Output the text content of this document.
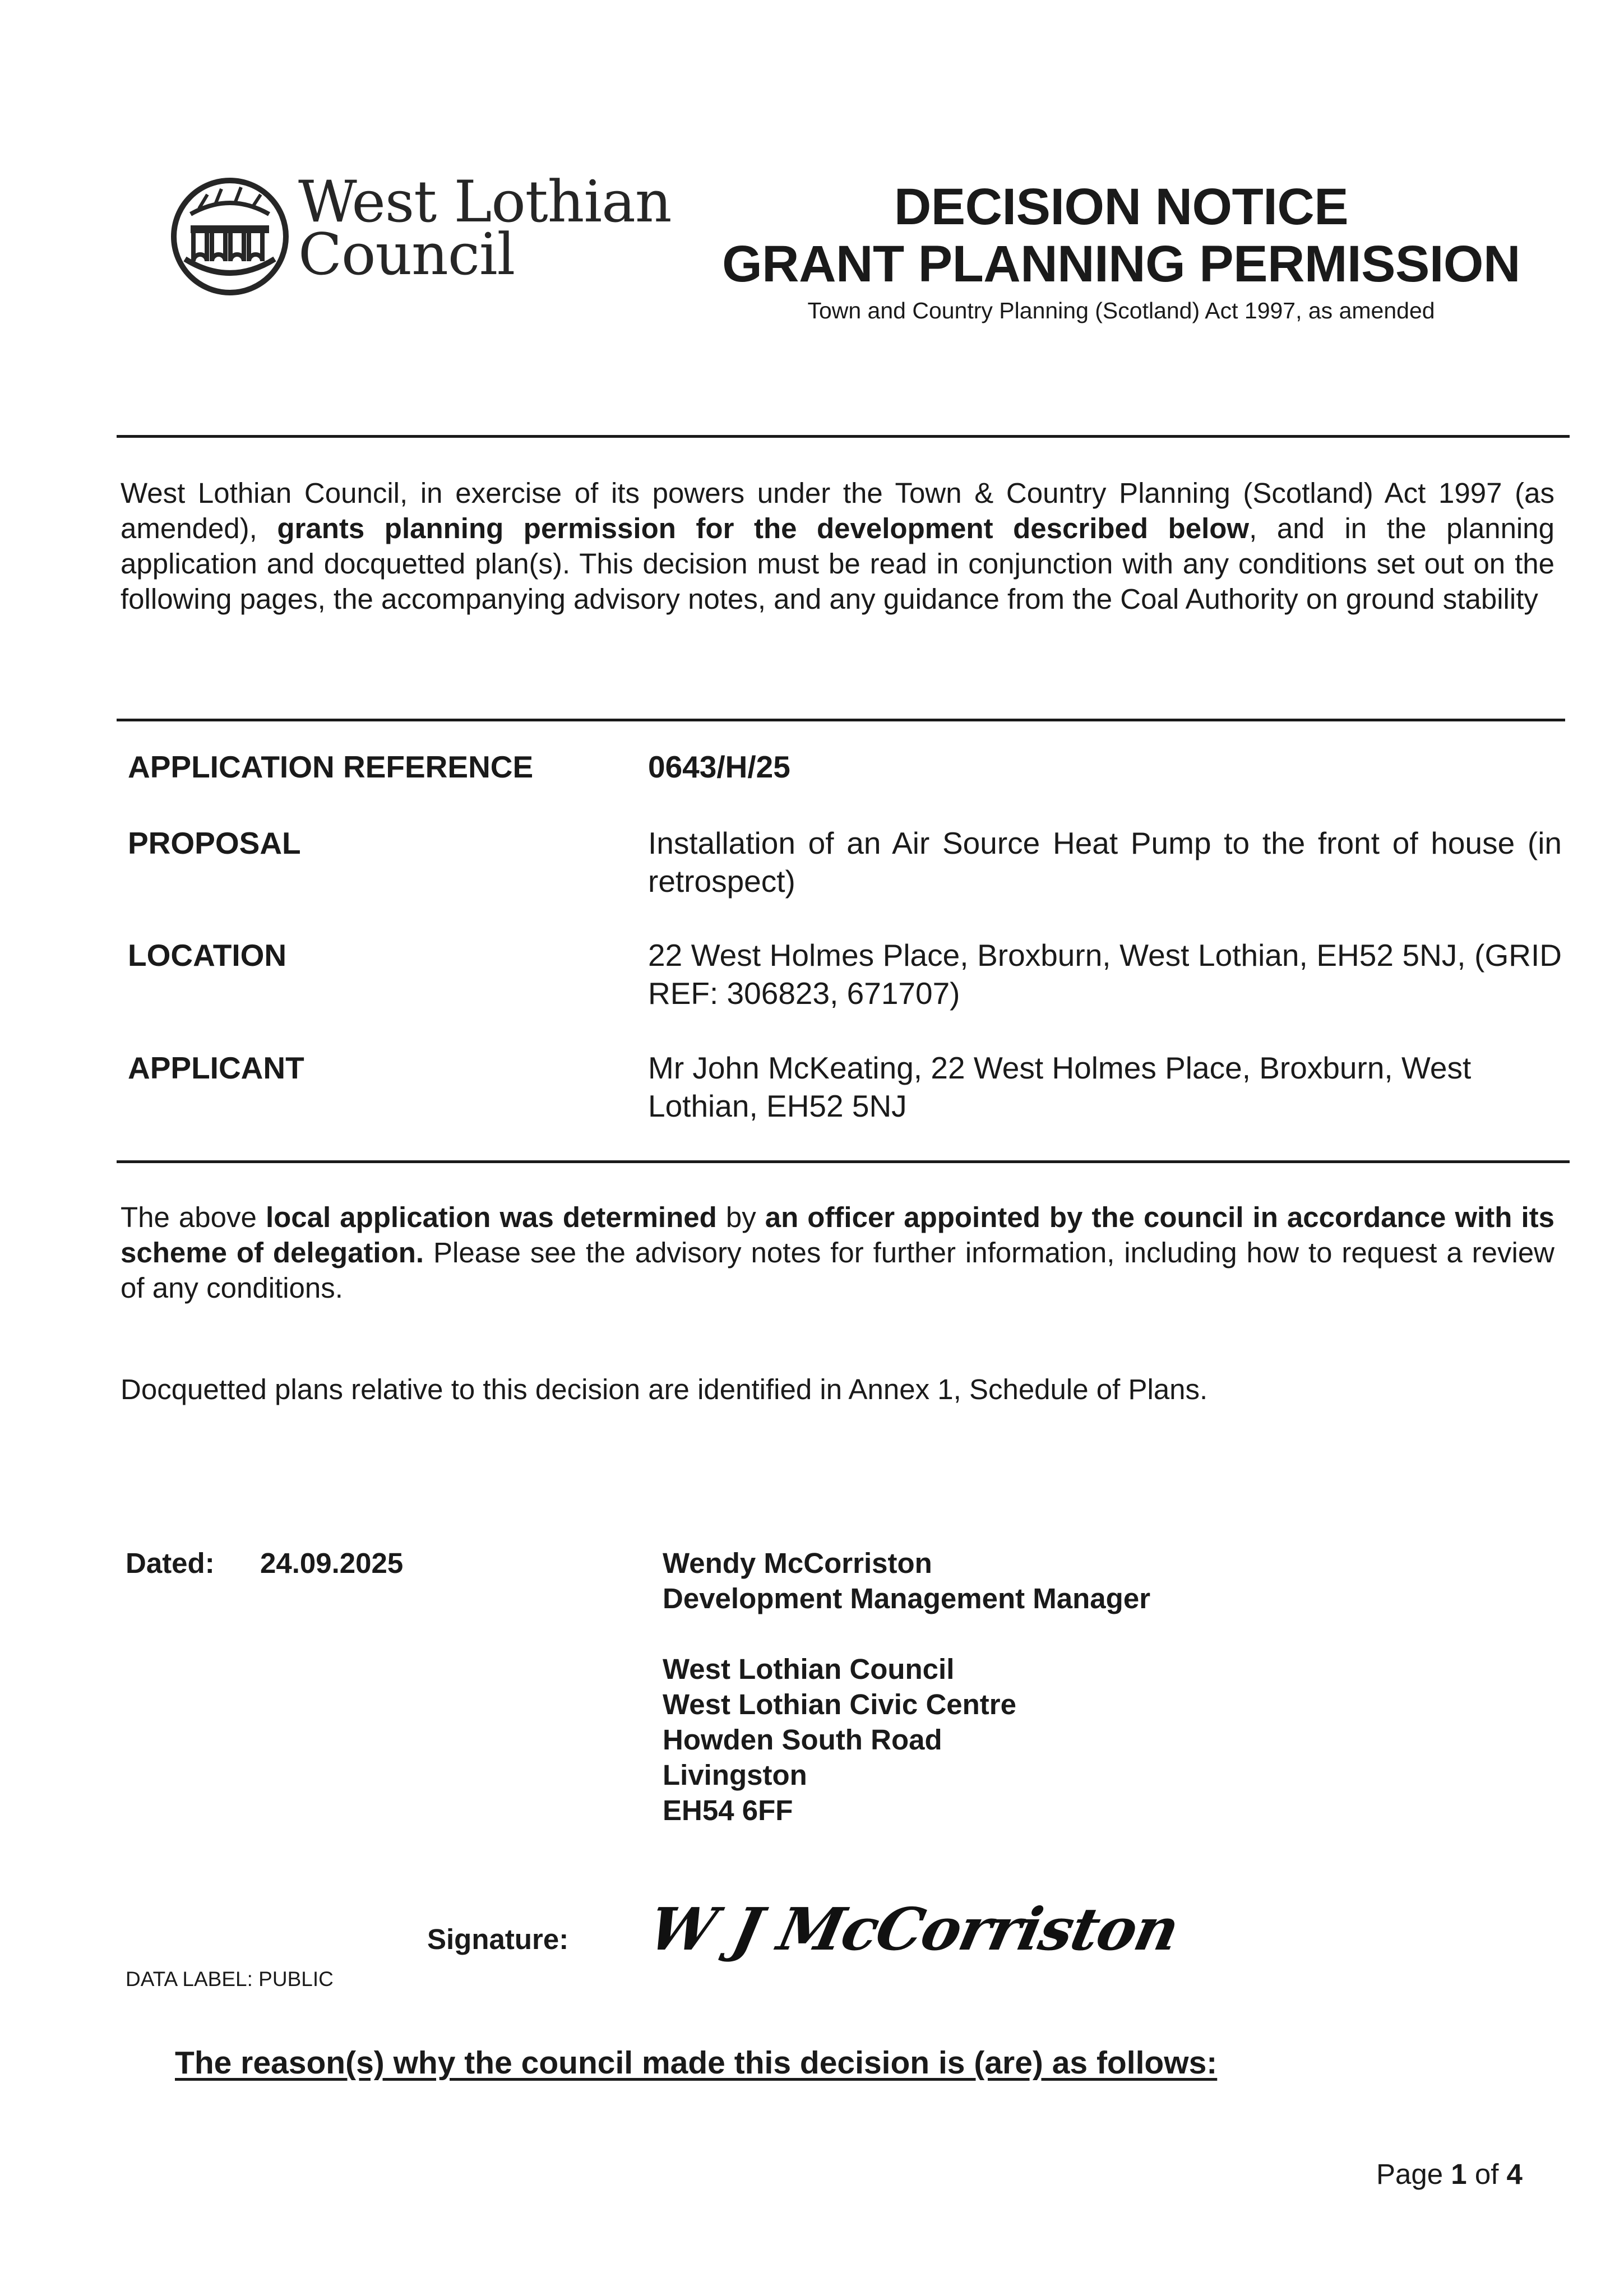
West Lothian
Council
DECISION NOTICE
GRANT PLANNING PERMISSION
Town and Country Planning (Scotland) Act 1997, as amended
West Lothian Council, in exercise of its powers under the Town & Country Planning (Scotland) Act 1997 (as amended), grants planning permission for the development described below, and in the planning application and docquetted plan(s). This decision must be read in conjunction with any conditions set out on the following pages, the accompanying advisory notes, and any guidance from the Coal Authority on ground stability
APPLICATION REFERENCE	0643/H/25
PROPOSAL	Installation of an Air Source Heat Pump to the front of house (in retrospect)
LOCATION	22 West Holmes Place, Broxburn, West Lothian, EH52 5NJ, (GRID REF: 306823, 671707)
APPLICANT	Mr John McKeating, 22 West Holmes Place, Broxburn, West Lothian, EH52 5NJ
The above local application was determined by an officer appointed by the council in accordance with its scheme of delegation. Please see the advisory notes for further information, including how to request a review of any conditions.
Docquetted plans relative to this decision are identified in Annex 1, Schedule of Plans.
Dated: 24.09.2025	Wendy McCorriston
Development Management Manager
West Lothian Council
West Lothian Civic Centre
Howden South Road
Livingston
EH54 6FF
Signature: W J McCorriston
DATA LABEL: PUBLIC
The reason(s) why the council made this decision is (are) as follows:
Page 1 of 4
